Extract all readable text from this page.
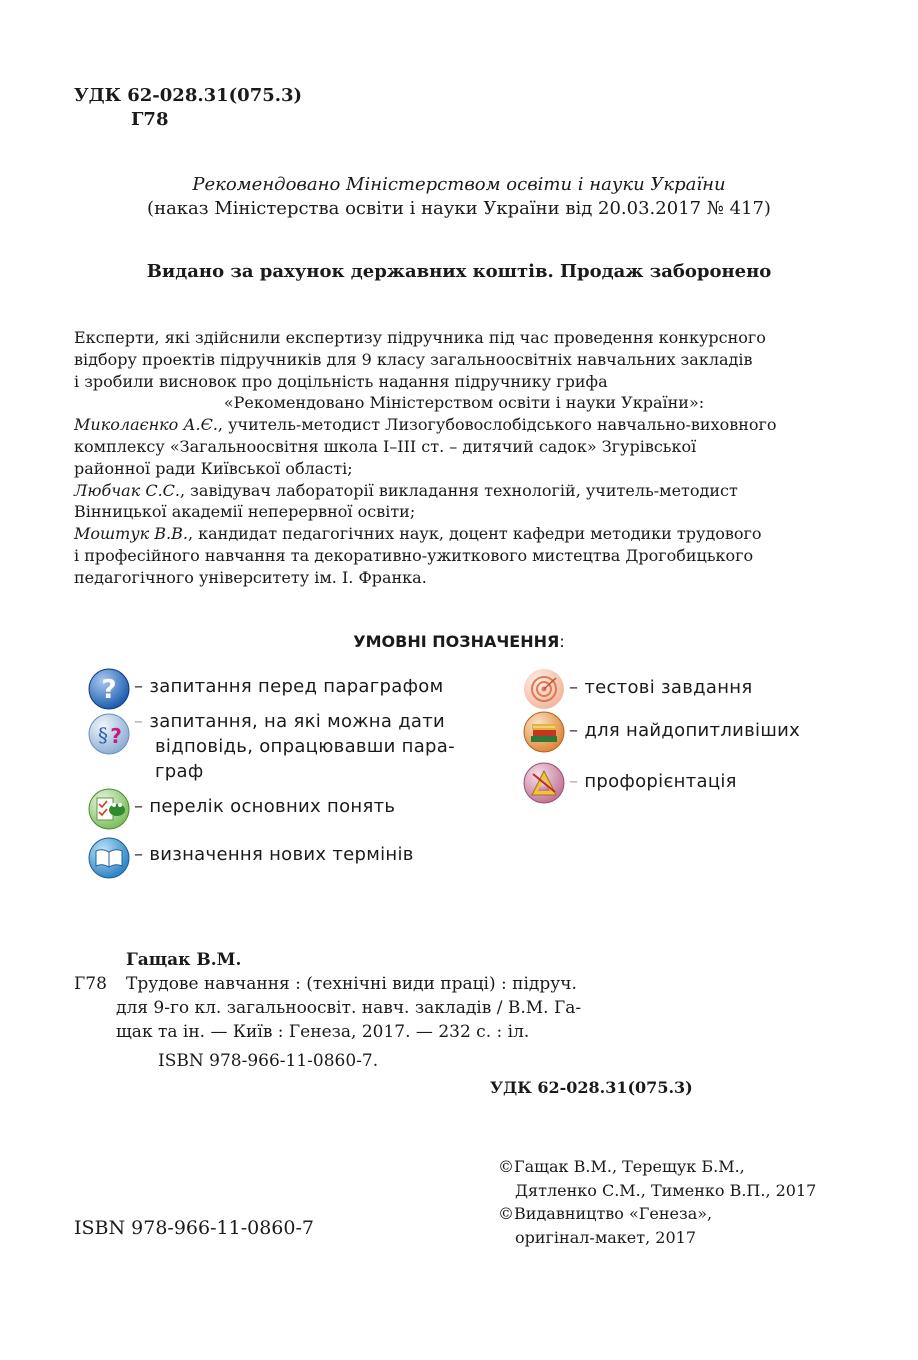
УДК 62-028.31(075.3)
Г78
Рекомендовано Міністерством освіти і науки України
(наказ Міністерства освіти і науки України від 20.03.2017 № 417)
Видано за рахунок державних коштів. Продаж заборонено

Експерти, які здійснили експертизу підручника під час проведення конкурсного

відбору проектів підручників для 9 класу загальноосвітніх навчальних закладів

і зробили висновок про доцільність надання підручнику грифа

«Рекомендовано Міністерством освіти і науки України»:

Миколаєнко А.Є., учитель-методист Лизогубовослобідського навчально-виховного

комплексу «Загальноосвітня школа І–ІІІ ст. – дитячий садок» Згурівської

районної ради Київської області;

Любчак С.С., завідувач лабораторії викладання технологій, учитель-методист

Вінницької академії неперервної освіти;

Моштук В.В., кандидат педагогічних наук, доцент кафедри методики трудового

і професійного навчання та декоративно-ужиткового мистецтва Дрогобицького

педагогічного університету ім. І. Франка.

УМОВНІ ПОЗНАЧЕННЯ:
?
§ ?
– запитання перед параграфом
– запитання, на які можна дати
відповідь, опрацювавши пара-
граф
– перелік основних понять
– визначення нових термінів
– тестові завдання
– для найдопитливіших
– профорієнтація
Гащак В.М.
Г78 Трудове навчання : (технічні види праці) : підруч.
для 9-го кл. загальноосвіт. навч. закладів / В.М. Га-
щак та ін. — Київ : Генеза, 2017. — 232 с. : іл.
ISBN 978-966-11-0860-7.
УДК 62-028.31(075.3)
©Гащак В.М., Терещук Б.М.,
Дятленко С.М., Тименко В.П., 2017
©Видавництво «Генеза»,
оригінал-макет, 2017
ISBN 978-966-11-0860-7
